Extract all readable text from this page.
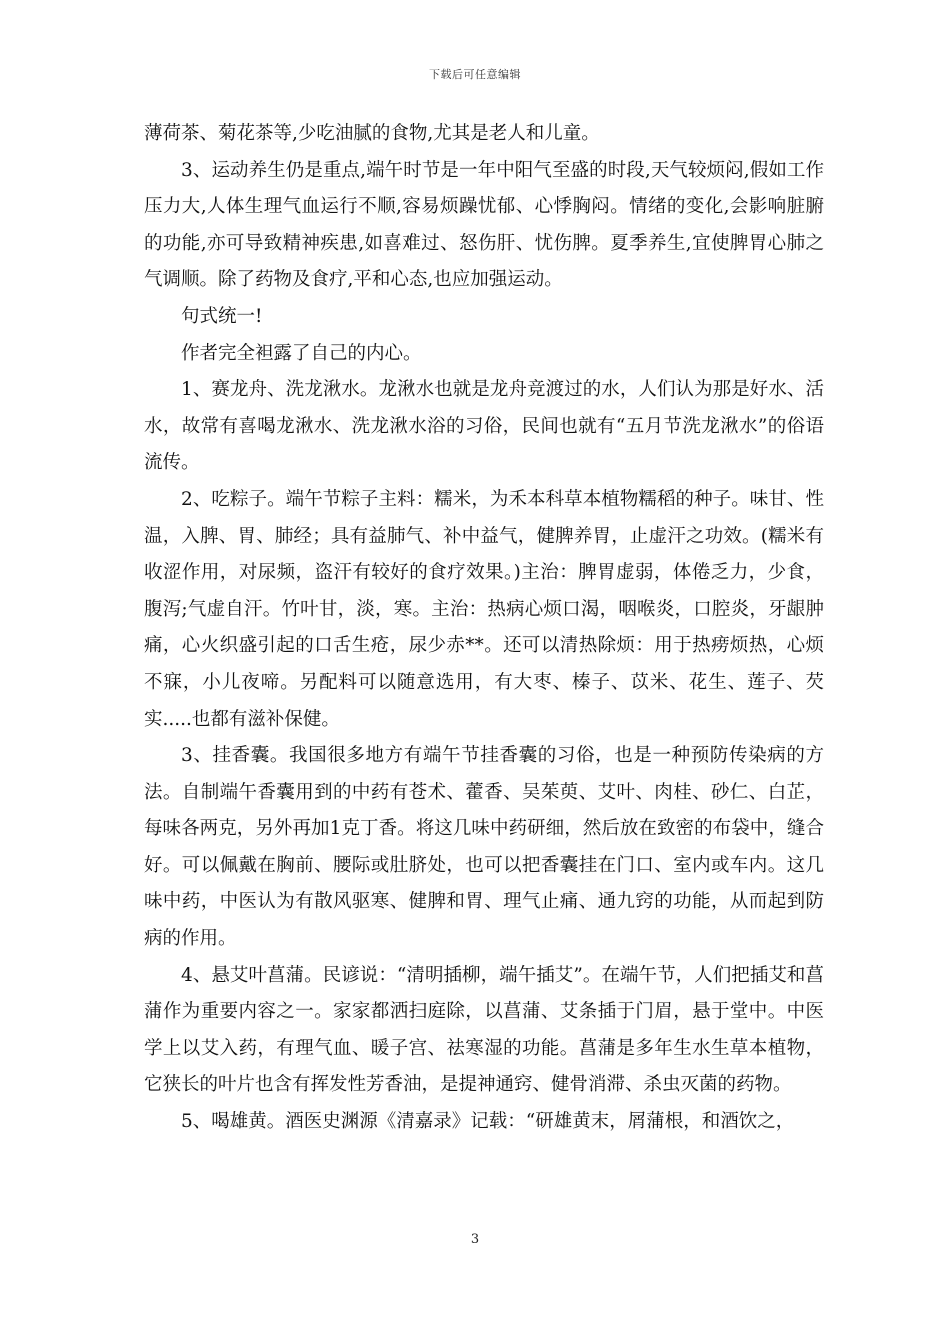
下载后可任意编辑

薄荷茶、菊花茶等,少吃油腻的食物,尤其是老人和儿童。

3、运动养生仍是重点,端午时节是一年中阳气至盛的时段,天气较烦闷,假如工作压力大,人体生理气血运行不顺,容易烦躁忧郁、心悸胸闷。情绪的变化,会影响脏腑的功能,亦可导致精神疾患,如喜难过、怒伤肝、忧伤脾。夏季养生,宜使脾胃心肺之气调顺。除了药物及食疗,平和心态,也应加强运动。

句式统一!

作者完全袒露了自己的内心。

1、赛龙舟、洗龙湫水。龙湫水也就是龙舟竞渡过的水，人们认为那是好水、活水，故常有喜喝龙湫水、洗龙湫水浴的习俗，民间也就有“五月节洗龙湫水”的俗语流传。

2、吃粽子。端午节粽子主料：糯米，为禾本科草本植物糯稻的种子。味甘、性温，入脾、胃、肺经；具有益肺气、补中益气，健脾养胃，止虚汗之功效。(糯米有收涩作用，对尿频，盗汗有较好的食疗效果。)主治：脾胃虚弱，体倦乏力，少食，腹泻;气虚自汗。竹叶甘，淡，寒。主治：热病心烦口渴，咽喉炎，口腔炎，牙龈肿痛，心火织盛引起的口舌生疮，尿少赤**。还可以清热除烦：用于热痨烦热，心烦不寐，小儿夜啼。另配料可以随意选用，有大枣、榛子、苡米、花生、莲子、芡实.....也都有滋补保健。

3、挂香囊。我国很多地方有端午节挂香囊的习俗，也是一种预防传染病的方法。自制端午香囊用到的中药有苍术、藿香、吴茱萸、艾叶、肉桂、砂仁、白芷，每味各两克，另外再加1克丁香。将这几味中药研细，然后放在致密的布袋中，缝合好。可以佩戴在胸前、腰际或肚脐处，也可以把香囊挂在门口、室内或车内。这几味中药，中医认为有散风驱寒、健脾和胃、理气止痛、通九窍的功能，从而起到防病的作用。

4、悬艾叶菖蒲。民谚说：“清明插柳，端午插艾”。在端午节，人们把插艾和菖蒲作为重要内容之一。家家都洒扫庭除，以菖蒲、艾条插于门眉，悬于堂中。中医学上以艾入药，有理气血、暖子宫、祛寒湿的功能。菖蒲是多年生水生草本植物，它狭长的叶片也含有挥发性芳香油，是提神通窍、健骨消滞、杀虫灭菌的药物。

5、喝雄黄。酒医史渊源《清嘉录》记载：“研雄黄末，屑蒲根，和酒饮之，

3
